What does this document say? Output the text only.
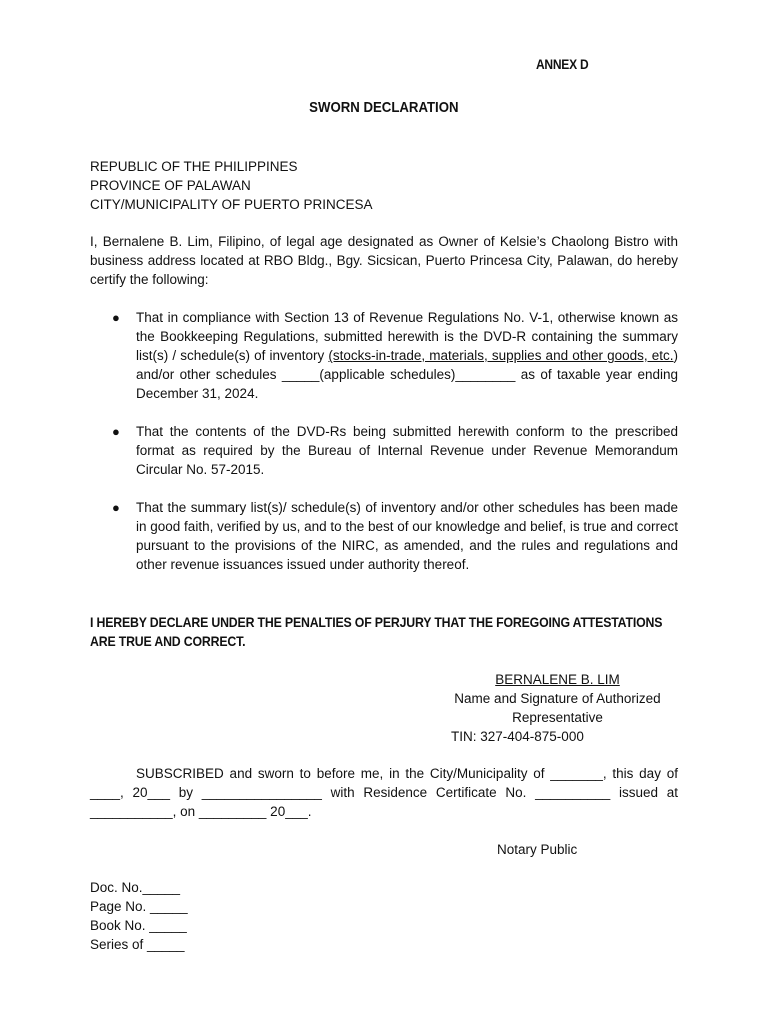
ANNEX D
SWORN DECLARATION
REPUBLIC OF THE PHILIPPINES
PROVINCE OF PALAWAN
CITY/MUNICIPALITY OF PUERTO PRINCESA
I, Bernalene B. Lim, Filipino, of legal age designated as Owner of Kelsie’s Chaolong Bistro with business address located at RBO Bldg., Bgy. Sicsican, Puerto Princesa City, Palawan, do hereby certify the following:
● That in compliance with Section 13 of Revenue Regulations No. V-1, otherwise known as the Bookkeeping Regulations, submitted herewith is the DVD-R containing the summary list(s) / schedule(s) of inventory (stocks-in-trade, materials, supplies and other goods, etc.) and/or other schedules _____(applicable schedules)________ as of taxable year ending December 31, 2024.
● That the contents of the DVD-Rs being submitted herewith conform to the prescribed format as required by the Bureau of Internal Revenue under Revenue Memorandum Circular No. 57-2015.
● That the summary list(s)/ schedule(s) of inventory and/or other schedules has been made in good faith, verified by us, and to the best of our knowledge and belief, is true and correct pursuant to the provisions of the NIRC, as amended, and the rules and regulations and other revenue issuances issued under authority thereof.
I HEREBY DECLARE UNDER THE PENALTIES OF PERJURY THAT THE FOREGOING ATTESTATIONS ARE TRUE AND CORRECT.
BERNALENE B. LIM
Name and Signature of Authorized
Representative
TIN: 327-404-875-000
SUBSCRIBED and sworn to before me, in the City/Municipality of _______, this day of ____, 20___ by ________________ with Residence Certificate No. __________ issued at ___________, on _________ 20___.
Notary Public
Doc. No._____
Page No. _____
Book No. _____
Series of _____
